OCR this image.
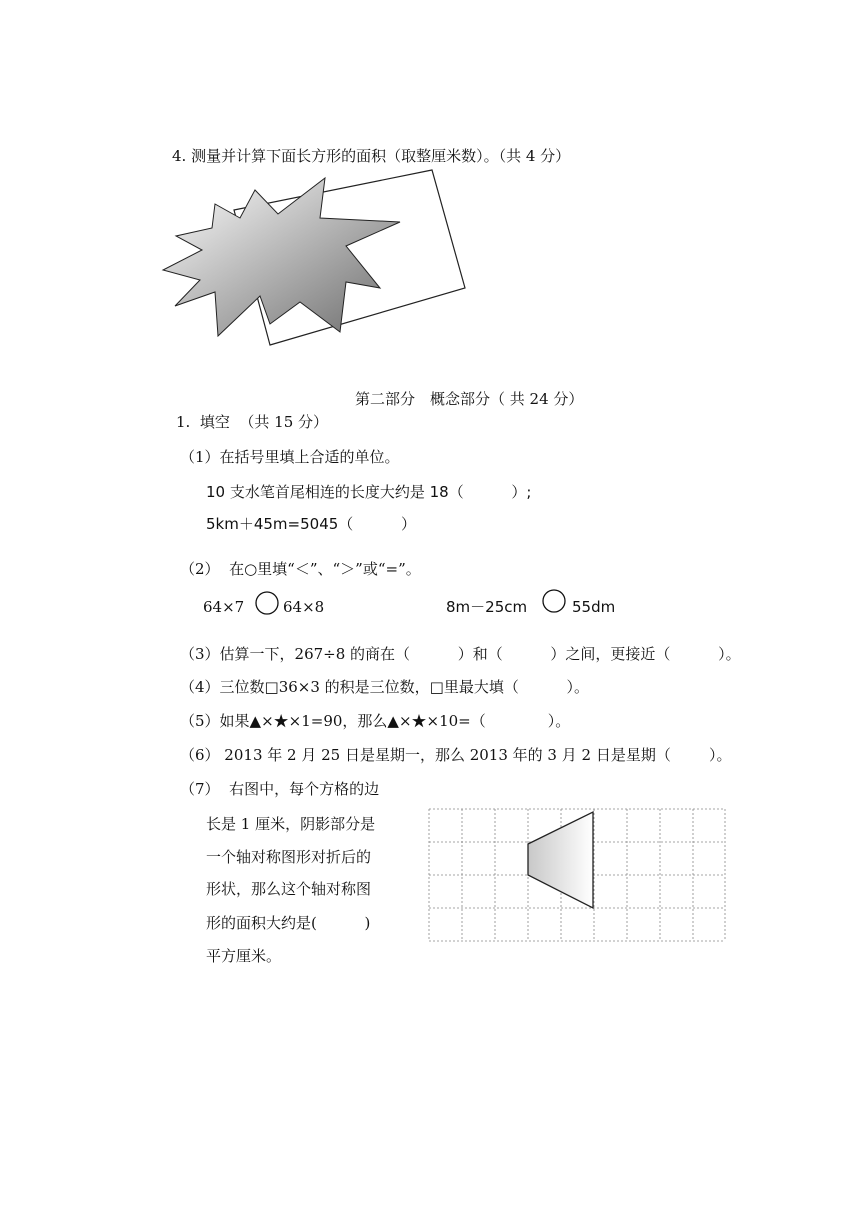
4. 测量并计算下面长方形的面积（取整厘米数）。（共 4 分）
第二部分　概念部分（ 共 24 分）
1.  填空  （共 15 分）
（1）在括号里填上合适的单位。
10 支水笔首尾相连的长度大约是 18（          ）;
5km＋45m=5045（          ）
（2）  在○里填“＜”、“＞”或“=”。
64×7	64×8	8m－25cm	55dm
（3）估算一下，267÷8 的商在（          ）和（          ）之间，更接近（          ）。
（4）三位数□36×3 的积是三位数，□里最大填（          ）。
（5）如果▲×★×1=90，那么▲×★×10=（             ）。
（6） 2013 年 2 月 25 日是星期一，那么 2013 年的 3 月 2 日是星期（        ）。
（7）  右图中，每个方格的边
长是 1 厘米，阴影部分是
一个轴对称图形对折后的
形状，那么这个轴对称图
形的面积大约是(          )
平方厘米。
